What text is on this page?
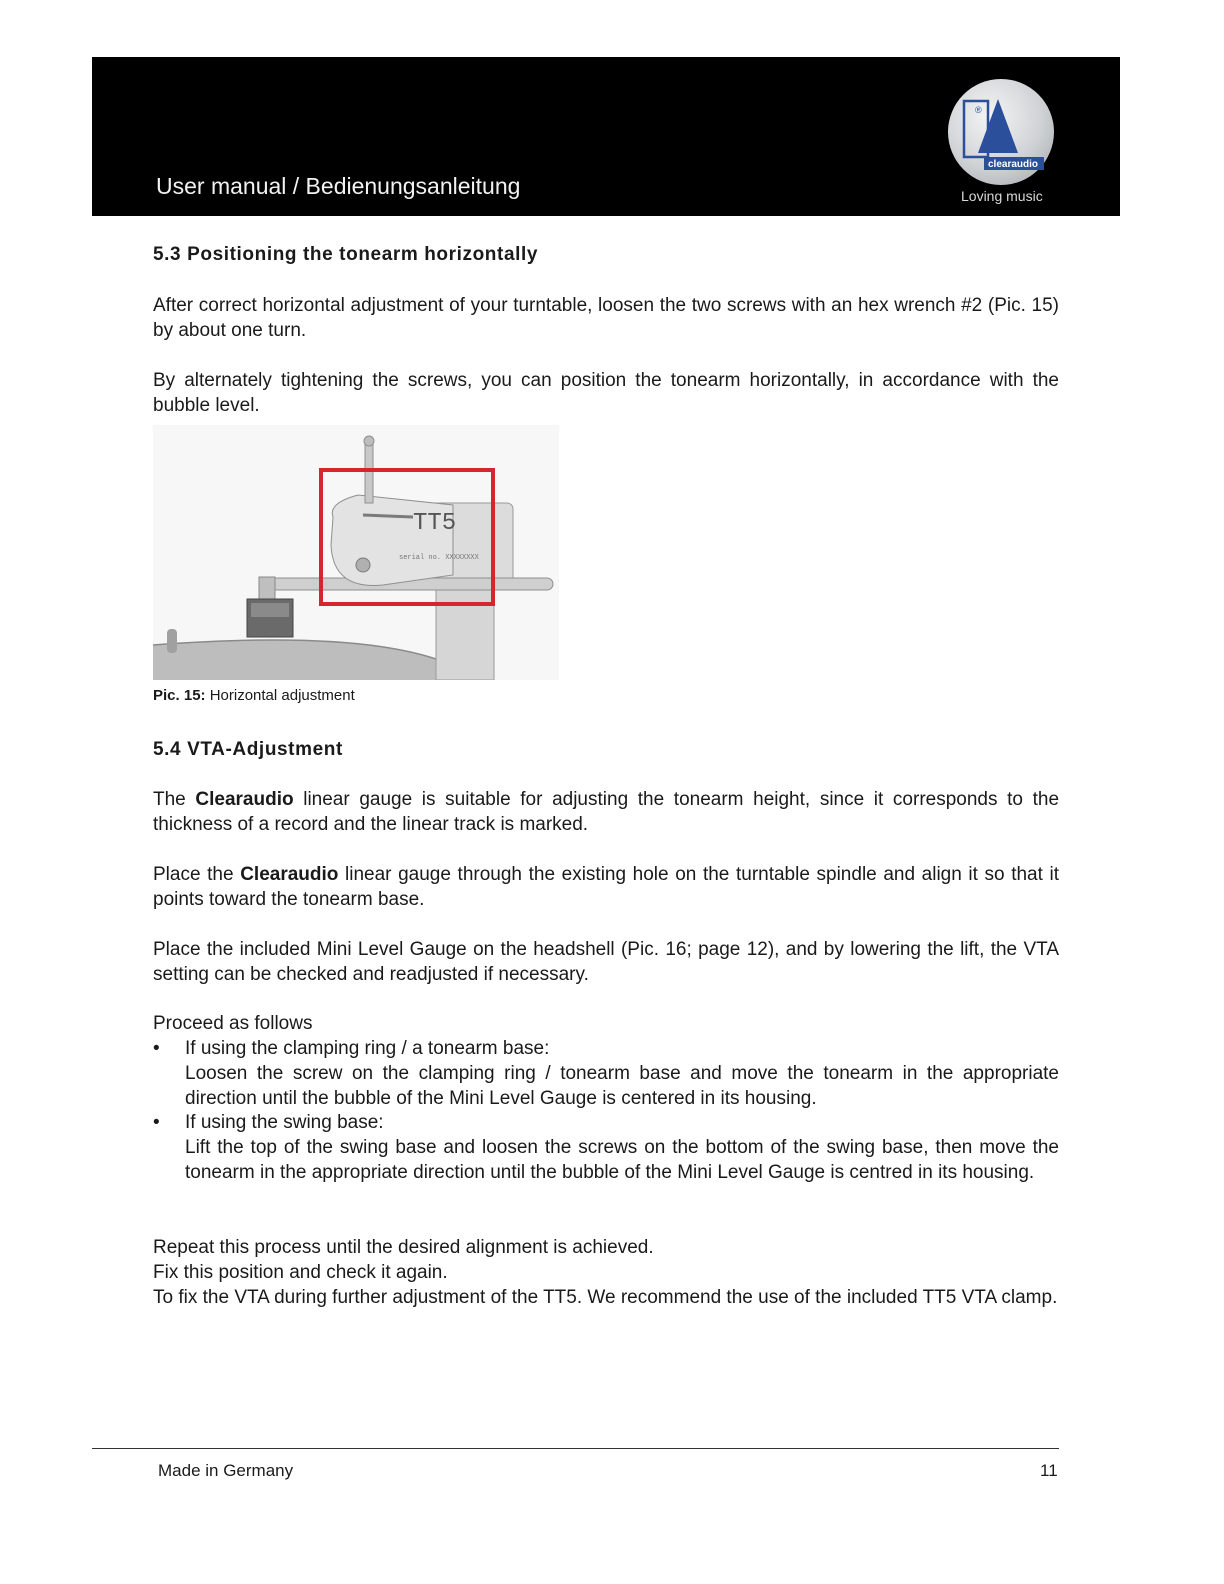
User manual / Bedienungsanleitung
clearaudio
®
Loving music
5.3 Positioning the tonearm horizontally

After correct horizontal adjustment of your turntable, loosen the two screws with an hex wrench #2 (Pic. 15) by about one turn.

By alternately tightening the screws, you can position the tonearm horizontally, in accordance with the bubble level.

TT5
serial no. XXXXXXXX
Pic. 15: Horizontal adjustment
5.4 VTA-Adjustment

The Clearaudio linear gauge is suitable for adjusting the tonearm height, since it corresponds to the thickness of a record and the linear track is marked.

Place the Clearaudio linear gauge through the existing hole on the turntable spindle and align it so that it points toward the tonearm base.

Place the included Mini Level Gauge on the headshell (Pic. 16; page 12), and by lowering the lift, the VTA setting can be checked and readjusted if necessary.

Proceed as follows
• If using the clamping ring / a tonearm base:
Loosen the screw on the clamping ring / tonearm base and move the tonearm in the appropriate direction until the bubble of the Mini Level Gauge is centered in its housing.
• If using the swing base:
Lift the top of the swing base and loosen the screws on the bottom of the swing base, then move the tonearm in the appropriate direction until the bubble of the Mini Level Gauge is centred in its housing.
Repeat this process until the desired alignment is achieved.
Fix this position and check it again.
To fix the VTA during further adjustment of the TT5. We recommend the use of the included TT5 VTA clamp.
Made in Germany	11
